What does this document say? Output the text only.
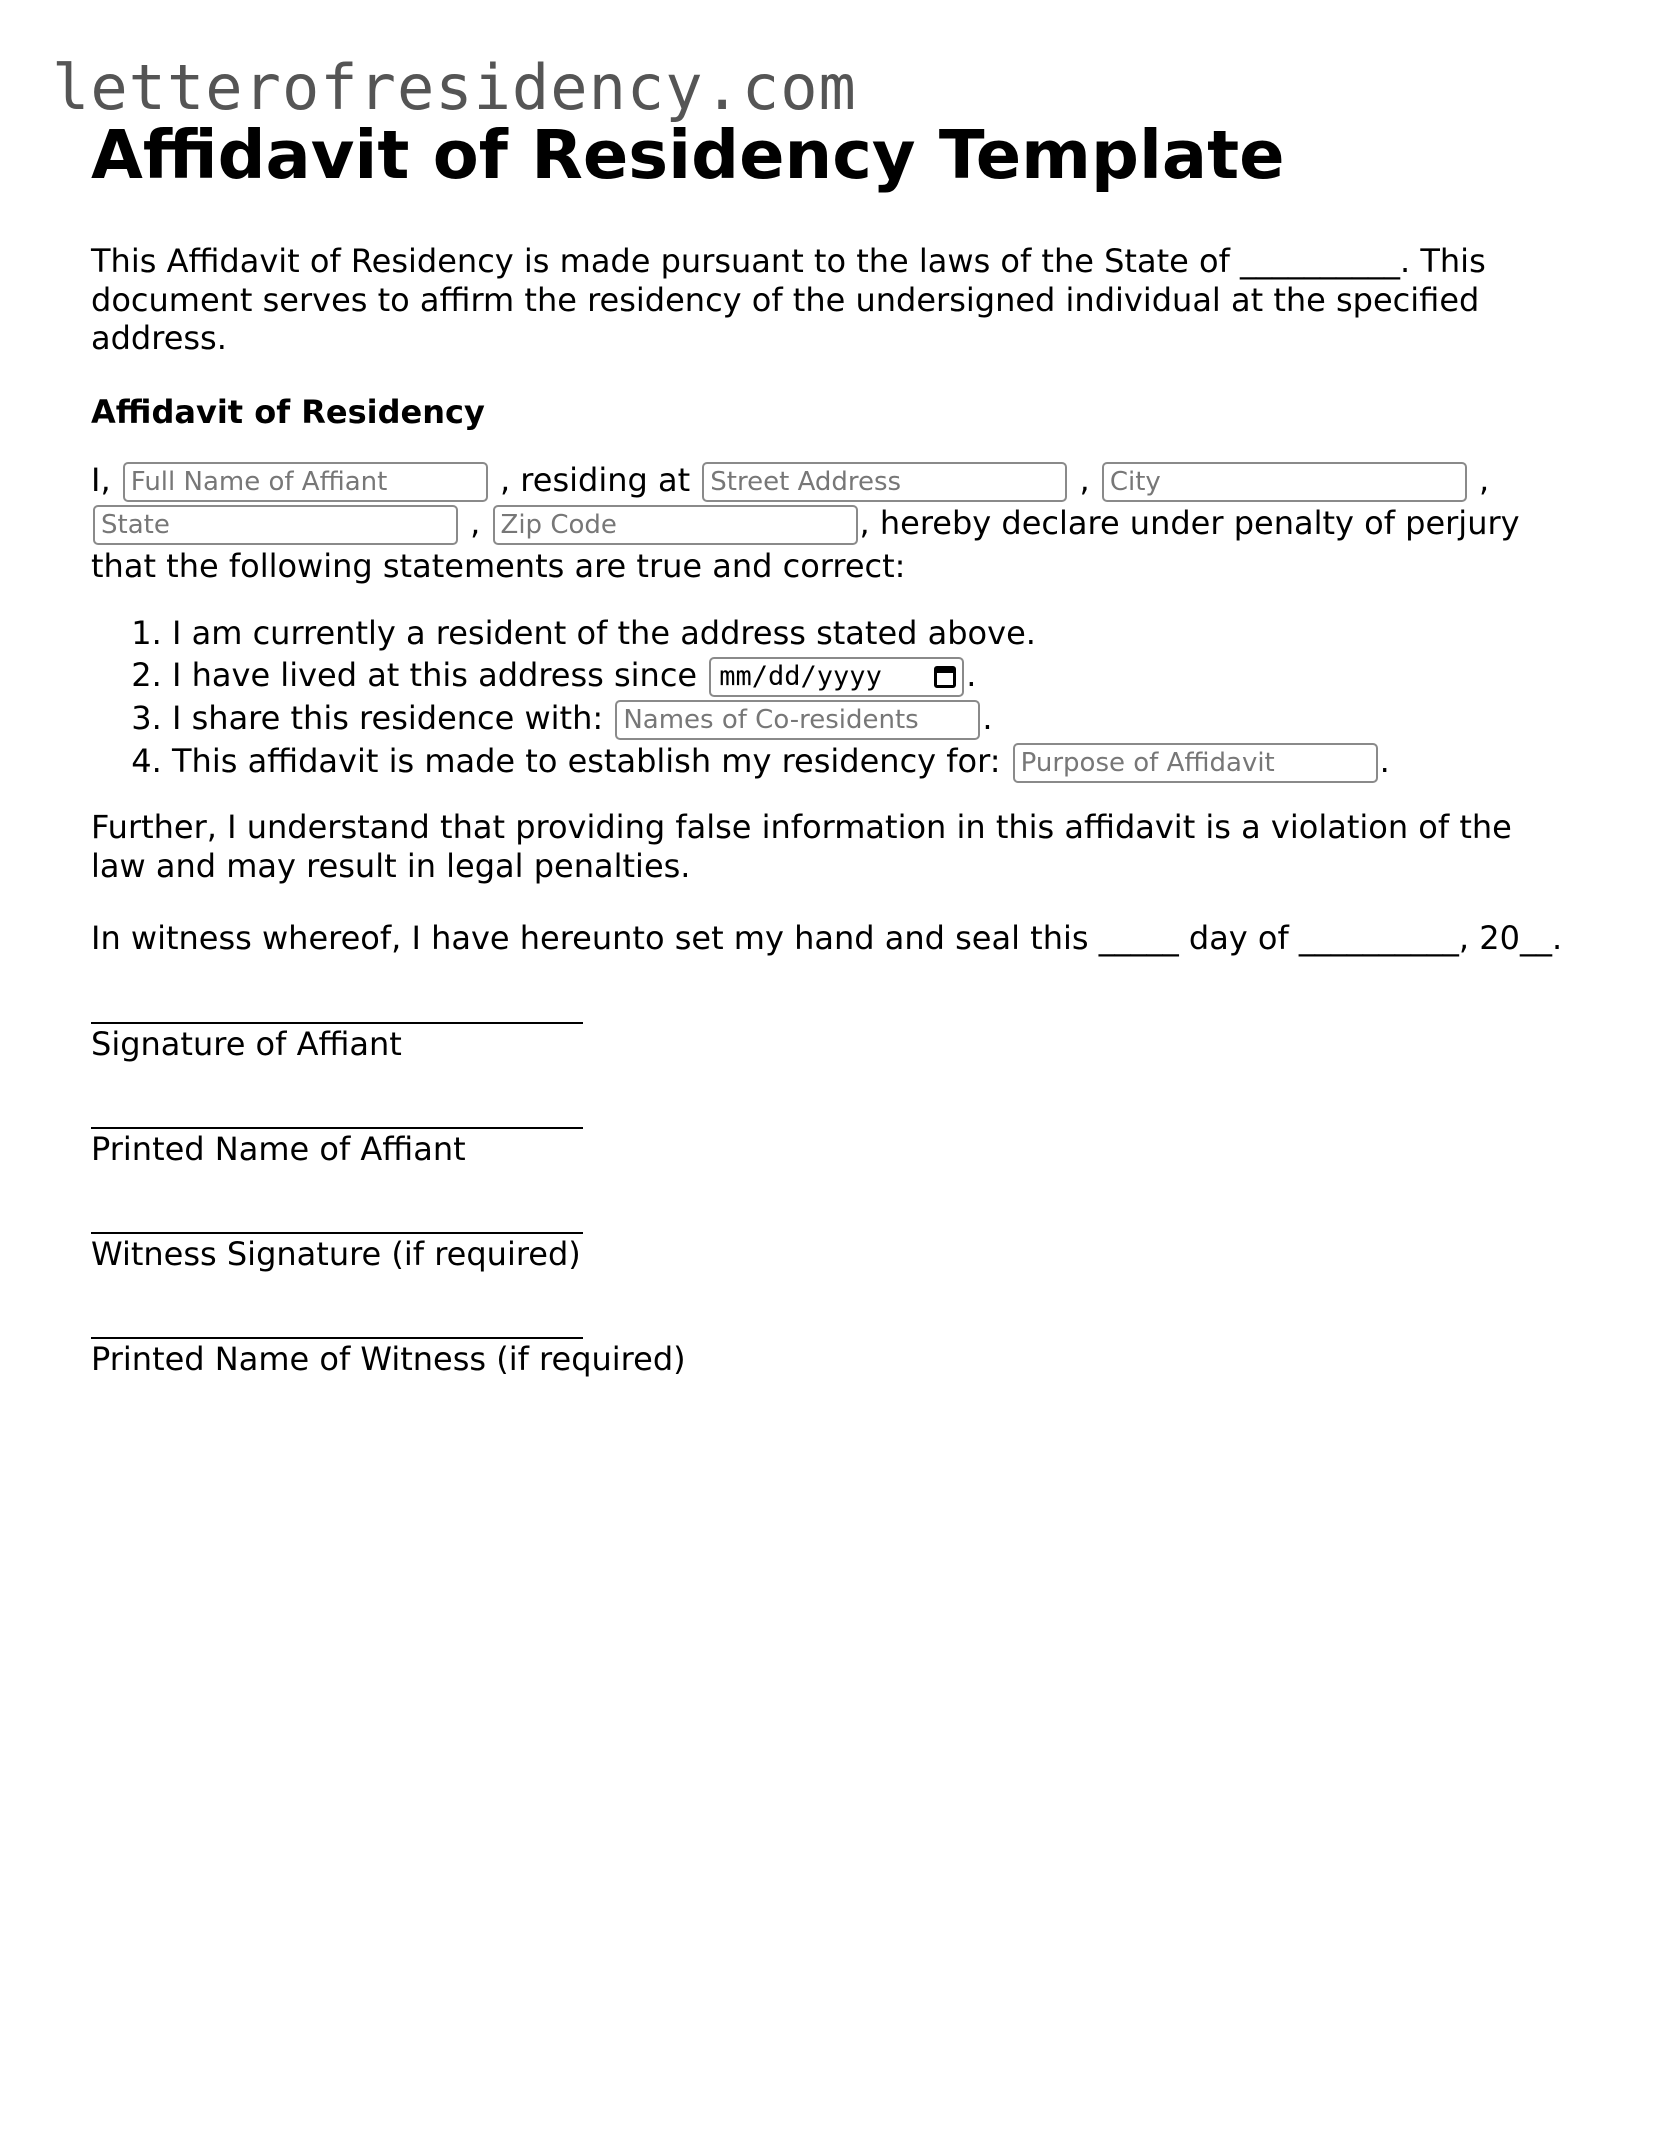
letterofresidency.com
Affidavit of Residency Template

This Affidavit of Residency is made pursuant to the laws of the State of __________. This document serves to affirm the residency of the undersigned individual at the specified address.

Affidavit of Residency

I, Full Name of Affiant	, residing at Street Address	, City	, State , Zip Code	, hereby declare under penalty of perjury that the following statements are true and correct:

1. I am currently a resident of the address stated above.
2. I have lived at this address since mm/dd/yyyy	.
3. I share this residence with: Names of Co-residents	.
4. This affidavit is made to establish my residency for: Purpose of Affidavit	.

Further, I understand that providing false information in this affidavit is a violation of the law and may result in legal penalties.

In witness whereof, I have hereunto set my hand and seal this _____ day of __________, 20__.

Signature of Affiant
Printed Name of Affiant
Witness Signature (if required)
Printed Name of Witness (if required)
